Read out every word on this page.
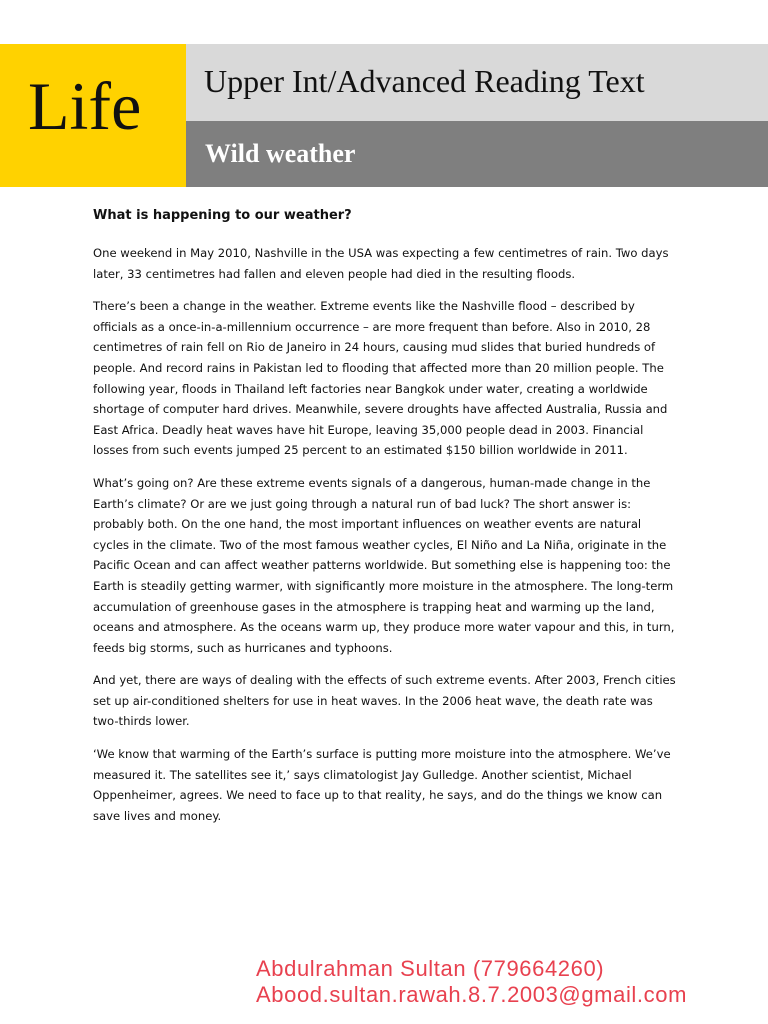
Life Upper Int/Advanced Reading Text
Wild weather
What is happening to our weather?

One weekend in May 2010, Nashville in the USA was expecting a few centimetres of rain. Two days later, 33 centimetres had fallen and eleven people had died in the resulting floods.

There’s been a change in the weather. Extreme events like the Nashville flood – described by officials as a once-in-a-millennium occurrence – are more frequent than before. Also in 2010, 28 centimetres of rain fell on Rio de Janeiro in 24 hours, causing mud slides that buried hundreds of people. And record rains in Pakistan led to flooding that affected more than 20 million people. The following year, floods in Thailand left factories near Bangkok under water, creating a worldwide shortage of computer hard drives. Meanwhile, severe droughts have affected Australia, Russia and East Africa. Deadly heat waves have hit Europe, leaving 35,000 people dead in 2003. Financial losses from such events jumped 25 percent to an estimated $150 billion worldwide in 2011.

What’s going on? Are these extreme events signals of a dangerous, human-made change in the Earth’s climate? Or are we just going through a natural run of bad luck? The short answer is: probably both. On the one hand, the most important influences on weather events are natural cycles in the climate. Two of the most famous weather cycles, El Niño and La Niña, originate in the Pacific Ocean and can affect weather patterns worldwide. But something else is happening too: the Earth is steadily getting warmer, with significantly more moisture in the atmosphere. The long-term accumulation of greenhouse gases in the atmosphere is trapping heat and warming up the land, oceans and atmosphere. As the oceans warm up, they produce more water vapour and this, in turn, feeds big storms, such as hurricanes and typhoons.

And yet, there are ways of dealing with the effects of such extreme events. After 2003, French cities set up air-conditioned shelters for use in heat waves. In the 2006 heat wave, the death rate was two-thirds lower.

‘We know that warming of the Earth’s surface is putting more moisture into the atmosphere. We’ve measured it. The satellites see it,’ says climatologist Jay Gulledge. Another scientist, Michael Oppenheimer, agrees. We need to face up to that reality, he says, and do the things we know can save lives and money.

Abdulrahman Sultan (779664260)
Abood.sultan.rawah.8.7.2003@gmail.com
